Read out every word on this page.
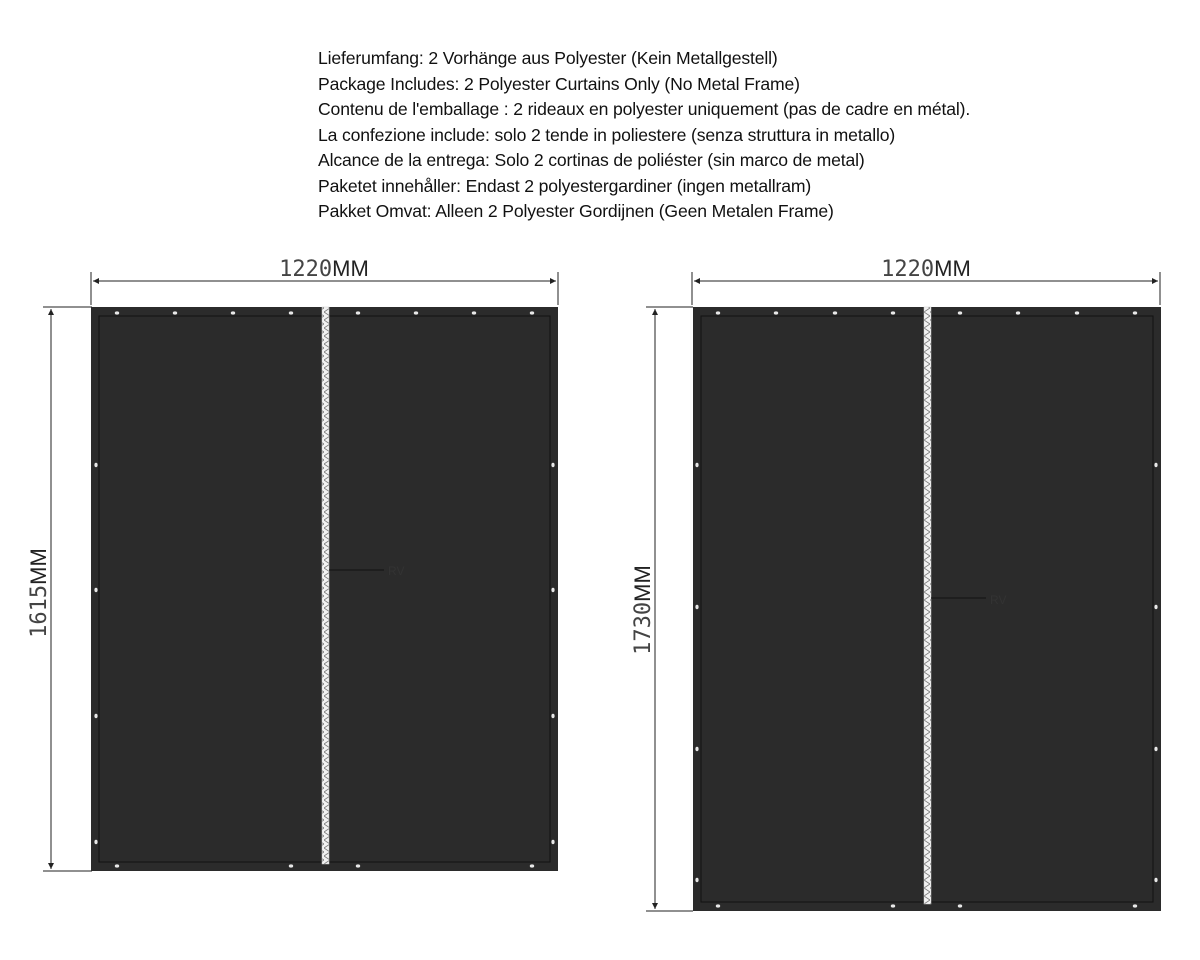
Lieferumfang: 2 Vorhänge aus Polyester (Kein Metallgestell)
Package Includes: 2 Polyester Curtains Only (No Metal Frame)
Contenu de l'emballage : 2 rideaux en polyester uniquement (pas de cadre en métal).
La confezione include: solo 2 tende in poliestere (senza struttura in metallo)
Alcance de la entrega: Solo 2 cortinas de poliéster (sin marco de metal)
Paketet innehåller: Endast 2 polyestergardiner (ingen metallram)
Pakket Omvat: Alleen 2 Polyester Gordijnen (Geen Metalen Frame)
1220MM
1615MM	RV
1220MM
1730MM	RV
